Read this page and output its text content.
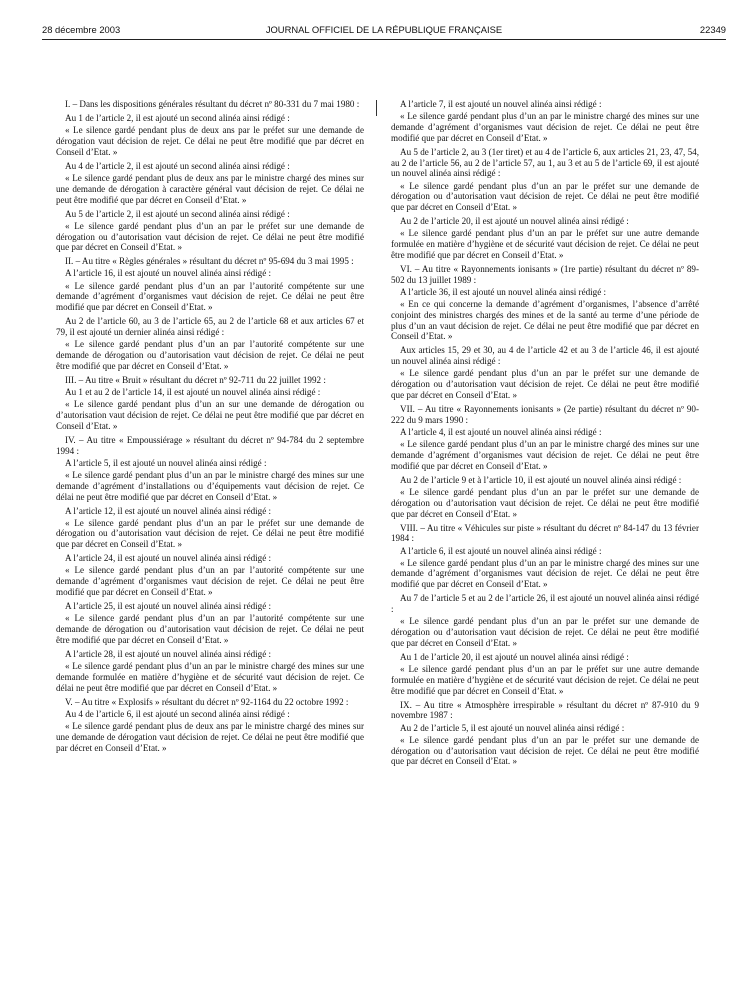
28 décembre 2003	JOURNAL OFFICIEL DE LA RÉPUBLIQUE FRANÇAISE	22349

I. – Dans les dispositions générales résultant du décret nº 80-331 du 7 mai 1980 :

Au 1 de l’article 2, il est ajouté un second alinéa ainsi rédigé :

« Le silence gardé pendant plus de deux ans par le préfet sur une demande de dérogation vaut décision de rejet. Ce délai ne peut être modifié que par décret en Conseil d’Etat. »

Au 4 de l’article 2, il est ajouté un second alinéa ainsi rédigé :

« Le silence gardé pendant plus de deux ans par le ministre chargé des mines sur une demande de dérogation à caractère général vaut décision de rejet. Ce délai ne peut être modifié que par décret en Conseil d’Etat. »

Au 5 de l’article 2, il est ajouté un second alinéa ainsi rédigé :

« Le silence gardé pendant plus d’un an par le préfet sur une demande de dérogation ou d’autorisation vaut décision de rejet. Ce délai ne peut être modifié que par décret en Conseil d’Etat. »

II. – Au titre « Règles générales » résultant du décret nº 95-694 du 3 mai 1995 :

A l’article 16, il est ajouté un nouvel alinéa ainsi rédigé :

« Le silence gardé pendant plus d’un an par l’autorité compétente sur une demande d’agrément d’organismes vaut décision de rejet. Ce délai ne peut être modifié que par décret en Conseil d’Etat. »

Au 2 de l’article 60, au 3 de l’article 65, au 2 de l’article 68 et aux articles 67 et 79, il est ajouté un dernier alinéa ainsi rédigé :

« Le silence gardé pendant plus d’un an par l’autorité compétente sur une demande de dérogation ou d’autorisation vaut décision de rejet. Ce délai ne peut être modifié que par décret en Conseil d’Etat. »

III. – Au titre « Bruit » résultant du décret nº 92-711 du 22 juillet 1992 :

Au 1 et au 2 de l’article 14, il est ajouté un nouvel alinéa ainsi rédigé :

« Le silence gardé pendant plus d’un an sur une demande de dérogation ou d’autorisation vaut décision de rejet. Ce délai ne peut être modifié que par décret en Conseil d’Etat. »

IV. – Au titre « Empoussiérage » résultant du décret nº 94-784 du 2 septembre 1994 :

A l’article 5, il est ajouté un nouvel alinéa ainsi rédigé :

« Le silence gardé pendant plus d’un an par le ministre chargé des mines sur une demande d’agrément d’installations ou d’équipements vaut décision de rejet. Ce délai ne peut être modifié que par décret en Conseil d’Etat. »

A l’article 12, il est ajouté un nouvel alinéa ainsi rédigé :

« Le silence gardé pendant plus d’un an par le préfet sur une demande de dérogation ou d’autorisation vaut décision de rejet. Ce délai ne peut être modifié que par décret en Conseil d’Etat. »

A l’article 24, il est ajouté un nouvel alinéa ainsi rédigé :

« Le silence gardé pendant plus d’un an par l’autorité compétente sur une demande d’agrément d’organismes vaut décision de rejet. Ce délai ne peut être modifié que par décret en Conseil d’Etat. »

A l’article 25, il est ajouté un nouvel alinéa ainsi rédigé :

« Le silence gardé pendant plus d’un an par l’autorité compétente sur une demande de dérogation ou d’autorisation vaut décision de rejet. Ce délai ne peut être modifié que par décret en Conseil d’Etat. »

A l’article 28, il est ajouté un nouvel alinéa ainsi rédigé :

« Le silence gardé pendant plus d’un an par le ministre chargé des mines sur une demande formulée en matière d’hygiène et de sécurité vaut décision de rejet. Ce délai ne peut être modifié que par décret en Conseil d’Etat. »

V. – Au titre « Explosifs » résultant du décret nº 92-1164 du 22 octobre 1992 :

Au 4 de l’article 6, il est ajouté un second alinéa ainsi rédigé :

« Le silence gardé pendant plus de deux ans par le ministre chargé des mines sur une demande de dérogation vaut décision de rejet. Ce délai ne peut être modifié que par décret en Conseil d’Etat. »

A l’article 7, il est ajouté un nouvel alinéa ainsi rédigé :

« Le silence gardé pendant plus d’un an par le ministre chargé des mines sur une demande d’agrément d’organismes vaut décision de rejet. Ce délai ne peut être modifié que par décret en Conseil d’Etat. »

Au 5 de l’article 2, au 3 (1er tiret) et au 4 de l’article 6, aux articles 21, 23, 47, 54, au 2 de l’article 56, au 2 de l’article 57, au 1, au 3 et au 5 de l’article 69, il est ajouté un nouvel alinéa ainsi rédigé :

« Le silence gardé pendant plus d’un an par le préfet sur une demande de dérogation ou d’autorisation vaut décision de rejet. Ce délai ne peut être modifié que par décret en Conseil d’Etat. »

Au 2 de l’article 20, il est ajouté un nouvel alinéa ainsi rédigé :

« Le silence gardé pendant plus d’un an par le préfet sur une autre demande formulée en matière d’hygiène et de sécurité vaut décision de rejet. Ce délai ne peut être modifié que par décret en Conseil d’Etat. »

VI. – Au titre « Rayonnements ionisants » (1re partie) résultant du décret nº 89-502 du 13 juillet 1989 :

A l’article 36, il est ajouté un nouvel alinéa ainsi rédigé :

« En ce qui concerne la demande d’agrément d’organismes, l’absence d’arrêté conjoint des ministres chargés des mines et de la santé au terme d’une période de plus d’un an vaut décision de rejet. Ce délai ne peut être modifié que par décret en Conseil d’Etat. »

Aux articles 15, 29 et 30, au 4 de l’article 42 et au 3 de l’article 46, il est ajouté un nouvel alinéa ainsi rédigé :

« Le silence gardé pendant plus d’un an par le préfet sur une demande de dérogation ou d’autorisation vaut décision de rejet. Ce délai ne peut être modifié que par décret en Conseil d’Etat. »

VII. – Au titre « Rayonnements ionisants » (2e partie) résultant du décret nº 90-222 du 9 mars 1990 :

A l’article 4, il est ajouté un nouvel alinéa ainsi rédigé :

« Le silence gardé pendant plus d’un an par le ministre chargé des mines sur une demande d’agrément d’organismes vaut décision de rejet. Ce délai ne peut être modifié que par décret en Conseil d’Etat. »

Au 2 de l’article 9 et à l’article 10, il est ajouté un nouvel alinéa ainsi rédigé :

« Le silence gardé pendant plus d’un an par le préfet sur une demande de dérogation ou d’autorisation vaut décision de rejet. Ce délai ne peut être modifié que par décret en Conseil d’Etat. »

VIII. – Au titre « Véhicules sur piste » résultant du décret nº 84-147 du 13 février 1984 :

A l’article 6, il est ajouté un nouvel alinéa ainsi rédigé :

« Le silence gardé pendant plus d’un an par le ministre chargé des mines sur une demande d’agrément d’organismes vaut décision de rejet. Ce délai ne peut être modifié que par décret en Conseil d’Etat. »

Au 7 de l’article 5 et au 2 de l’article 26, il est ajouté un nouvel alinéa ainsi rédigé :

« Le silence gardé pendant plus d’un an par le préfet sur une demande de dérogation ou d’autorisation vaut décision de rejet. Ce délai ne peut être modifié que par décret en Conseil d’Etat. »

Au 1 de l’article 20, il est ajouté un nouvel alinéa ainsi rédigé :

« Le silence gardé pendant plus d’un an par le préfet sur une autre demande formulée en matière d’hygiène et de sécurité vaut décision de rejet. Ce délai ne peut être modifié que par décret en Conseil d’Etat. »

IX. – Au titre « Atmosphère irrespirable » résultant du décret nº 87-910 du 9 novembre 1987 :

Au 2 de l’article 5, il est ajouté un nouvel alinéa ainsi rédigé :

« Le silence gardé pendant plus d’un an par le préfet sur une demande de dérogation ou d’autorisation vaut décision de rejet. Ce délai ne peut être modifié que par décret en Conseil d’Etat. »
